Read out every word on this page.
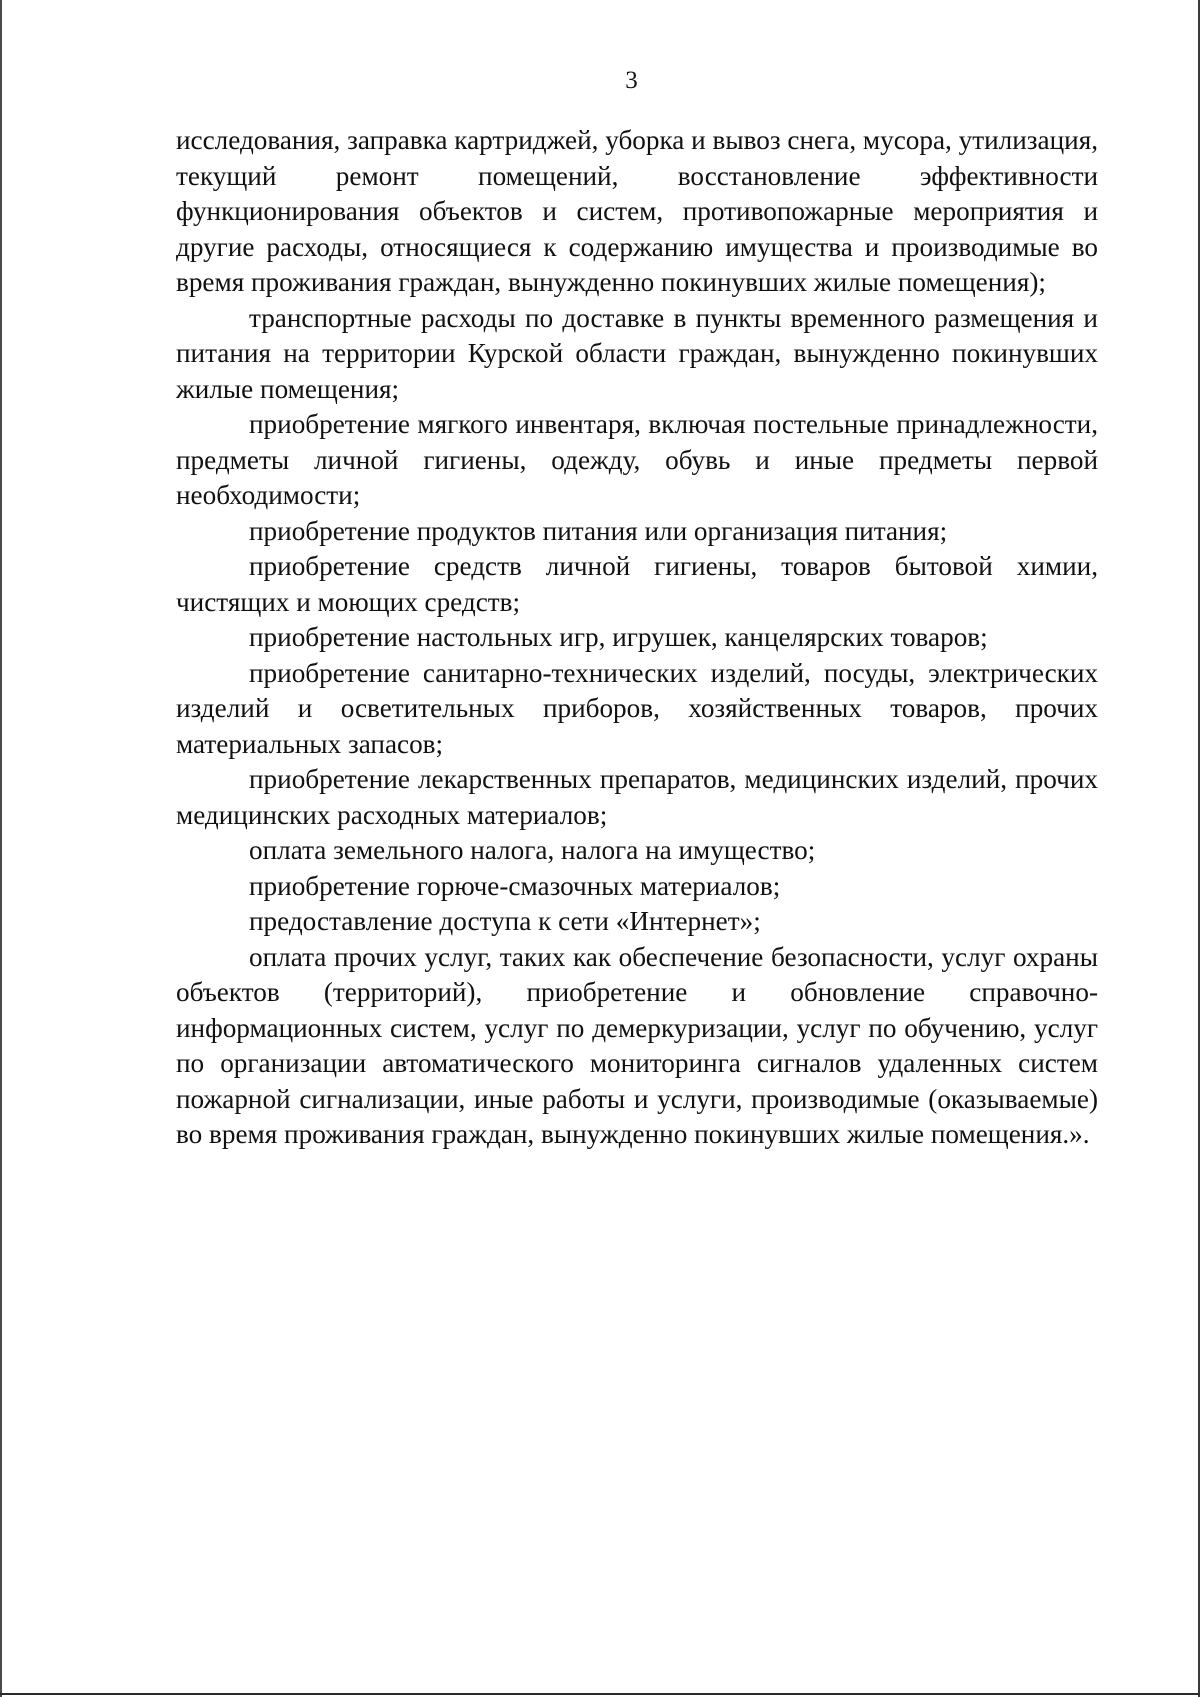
3

исследования, заправка картриджей, уборка и вывоз снега, мусора, утилизация, текущий ремонт помещений, восстановление эффективности функционирования объектов и систем, противопожарные мероприятия и другие расходы, относящиеся к содержанию имущества и производимые во время проживания граждан, вынужденно покинувших жилые помещения);

транспортные расходы по доставке в пункты временного размещения и питания на территории Курской области граждан, вынужденно покинувших жилые помещения;

приобретение мягкого инвентаря, включая постельные принадлежности, предметы личной гигиены, одежду, обувь и иные предметы первой необходимости;

приобретение продуктов питания или организация питания;

приобретение средств личной гигиены, товаров бытовой химии, чистящих и моющих средств;

приобретение настольных игр, игрушек, канцелярских товаров;

приобретение санитарно-технических изделий, посуды, электрических изделий и осветительных приборов, хозяйственных товаров, прочих материальных запасов;

приобретение лекарственных препаратов, медицинских изделий, прочих медицинских расходных материалов;

оплата земельного налога, налога на имущество;

приобретение горюче-смазочных материалов;

предоставление доступа к сети «Интернет»;

оплата прочих услуг, таких как обеспечение безопасности, услуг охраны объектов (территорий), приобретение и обновление справочно-информационных систем, услуг по демеркуризации, услуг по обучению, услуг по организации автоматического мониторинга сигналов удаленных систем пожарной сигнализации, иные работы и услуги, производимые (оказываемые) во время проживания граждан, вынужденно покинувших жилые помещения.».
